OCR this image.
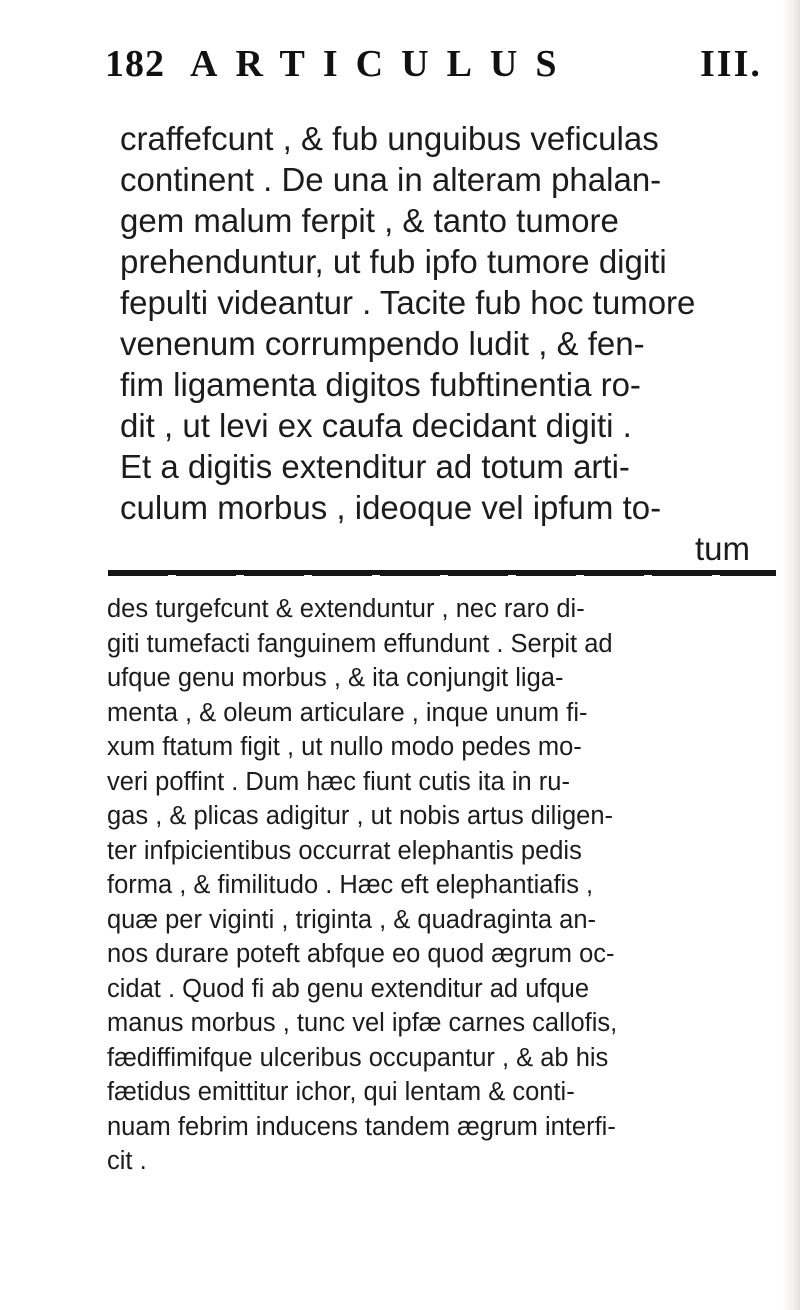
182 ARTICULUS	III.
craffefcunt , & fub unguibus veficulas
continent . De una in alteram phalan-
gem malum ferpit , & tanto tumore
prehenduntur, ut fub ipfo tumore digiti
fepulti videantur . Tacite fub hoc tumore
venenum corrumpendo ludit , & fen-
fim ligamenta digitos fubftinentia ro-
dit , ut levi ex caufa decidant digiti .
Et a digitis extenditur ad totum arti-
culum morbus , ideoque vel ipfum to-
tum
des turgefcunt & extenduntur , nec raro di-
giti tumefacti fanguinem effundunt . Serpit ad
ufque genu morbus , & ita conjungit liga-
menta , & oleum articulare , inque unum fi-
xum ftatum figit , ut nullo modo pedes mo-
veri poffint . Dum hæc fiunt cutis ita in ru-
gas , & plicas adigitur , ut nobis artus diligen-
ter infpicientibus occurrat elephantis pedis
forma , & fimilitudo . Hæc eft elephantiafis ,
quæ per viginti , triginta , & quadraginta an-
nos durare poteft abfque eo quod ægrum oc-
cidat . Quod fi ab genu extenditur ad ufque
manus morbus , tunc vel ipfæ carnes callofis,
fædiffimifque ulceribus occupantur , & ab his
fætidus emittitur ichor, qui lentam & conti-
nuam febrim inducens tandem ægrum interfi-
cit .
